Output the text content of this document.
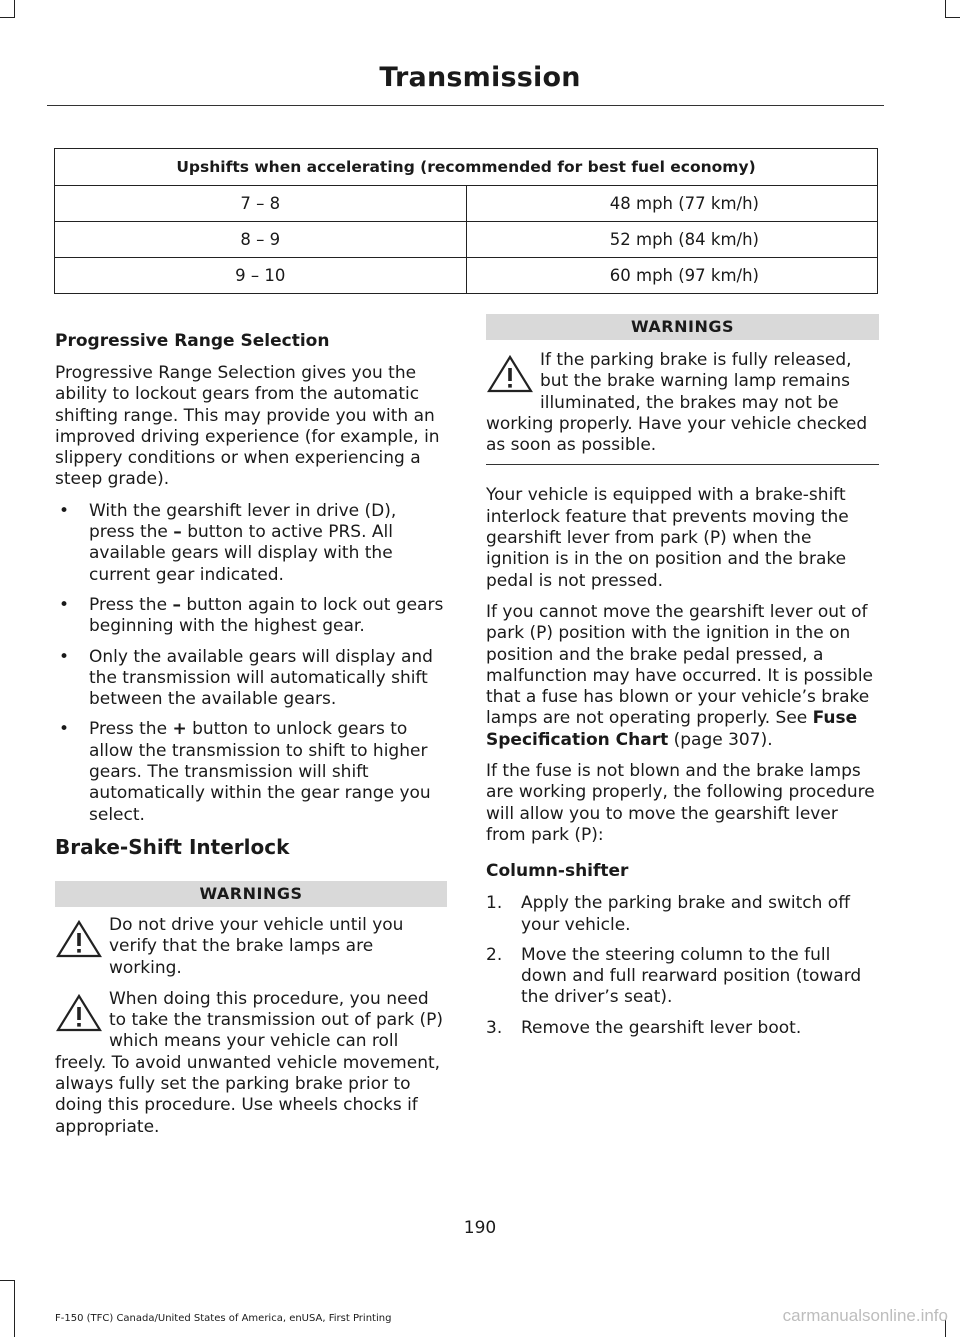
Transmission
Upshifts when accelerating (recommended for best fuel economy)	
7 – 8	48 mph (77 km/h)
8 – 9	52 mph (84 km/h)
9 – 10	60 mph (97 km/h)
Progressive Range Selection

Progressive Range Selection gives you the ability to lockout gears from the automatic shifting range. This may provide you with an improved driving experience (for example, in slippery conditions or when experiencing a steep grade).

• With the gearshift lever in drive (D), press the – button to active PRS. All available gears will display with the current gear indicated.
• Press the – button again to lock out gears beginning with the highest gear.
• Only the available gears will display and the transmission will automatically shift between the available gears.
• Press the + button to unlock gears to allow the transmission to shift to higher gears. The transmission will shift automatically within the gear range you select.
Brake-Shift Interlock
WARNINGS
Do not drive your vehicle until you verify that the brake lamps are working.
When doing this procedure, you need to take the transmission out of park (P) which means your vehicle can roll freely. To avoid unwanted vehicle movement, always fully set the parking brake prior to doing this procedure. Use wheels chocks if appropriate.
WARNINGS
If the parking brake is fully released, but the brake warning lamp remains illuminated, the brakes may not be working properly. Have your vehicle checked as soon as possible.

Your vehicle is equipped with a brake-shift interlock feature that prevents moving the gearshift lever from park (P) when the ignition is in the on position and the brake pedal is not pressed.

If you cannot move the gearshift lever out of park (P) position with the ignition in the on position and the brake pedal pressed, a malfunction may have occurred. It is possible that a fuse has blown or your vehicle’s brake lamps are not operating properly. See Fuse Specification Chart (page 307).

If the fuse is not blown and the brake lamps are working properly, the following procedure will allow you to move the gearshift lever from park (P):

Column-shifter
1. Apply the parking brake and switch off your vehicle.
2. Move the steering column to the full down and full rearward position (toward the driver’s seat).
3. Remove the gearshift lever boot.
190
F-150 (TFC) Canada/United States of America, enUSA, First Printing	carmanualsonline.info
